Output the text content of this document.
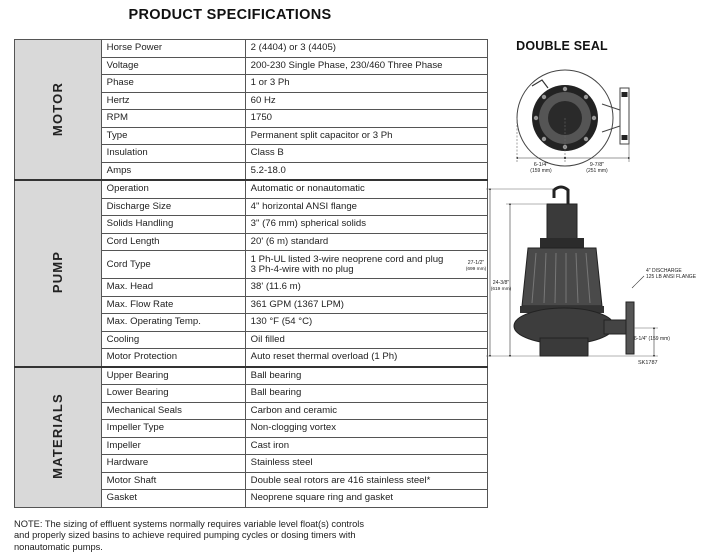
PRODUCT SPECIFICATIONS
MOTOR	Horse Power	2 (4404) or 3 (4405)
	Voltage	200-230 Single Phase, 230/460 Three Phase
	Phase	1 or 3 Ph
	Hertz	60 Hz
	RPM	1750
	Type	Permanent split capacitor or 3 Ph
	Insulation	Class B
	Amps	5.2-18.0
PUMP	Operation	Automatic or nonautomatic
	Discharge Size	4" horizontal ANSI flange
	Solids Handling	3" (76 mm) spherical solids
	Cord Length	20' (6 m) standard
	Cord Type	1 Ph-UL listed 3-wire neoprene cord and plug
3 Ph-4-wire with no plug

	Max. Head	38' (11.6 m)
	Max. Flow Rate	361 GPM (1367 LPM)
	Max. Operating Temp.	130 °F (54 °C)
	Cooling	Oil filled
	Motor Protection	Auto reset thermal overload (1 Ph)
MATERIALS	Upper Bearing	Ball bearing
	Lower Bearing	Ball bearing
	Mechanical Seals	Carbon and ceramic
	Impeller Type	Non-clogging vortex
	Impeller	Cast iron
	Hardware	Stainless steel
	Motor Shaft	Double seal rotors are 416 stainless steel*
	Gasket	Neoprene square ring and gasket
NOTE: The sizing of effluent systems normally requires variable level float(s) controls
and properly sized basins to achieve required pumping cycles or dosing timers with
nonautomatic pumps.
DOUBLE SEAL
6-1/4"
(159 mm)
9-7/8"
(251 mm)
27-1/2"
(699 mm)
24-3/8"
(619 mm)
4" DISCHARGE
125 LB ANSI FLANGE
6-1/4" (159 mm)
SK1787
